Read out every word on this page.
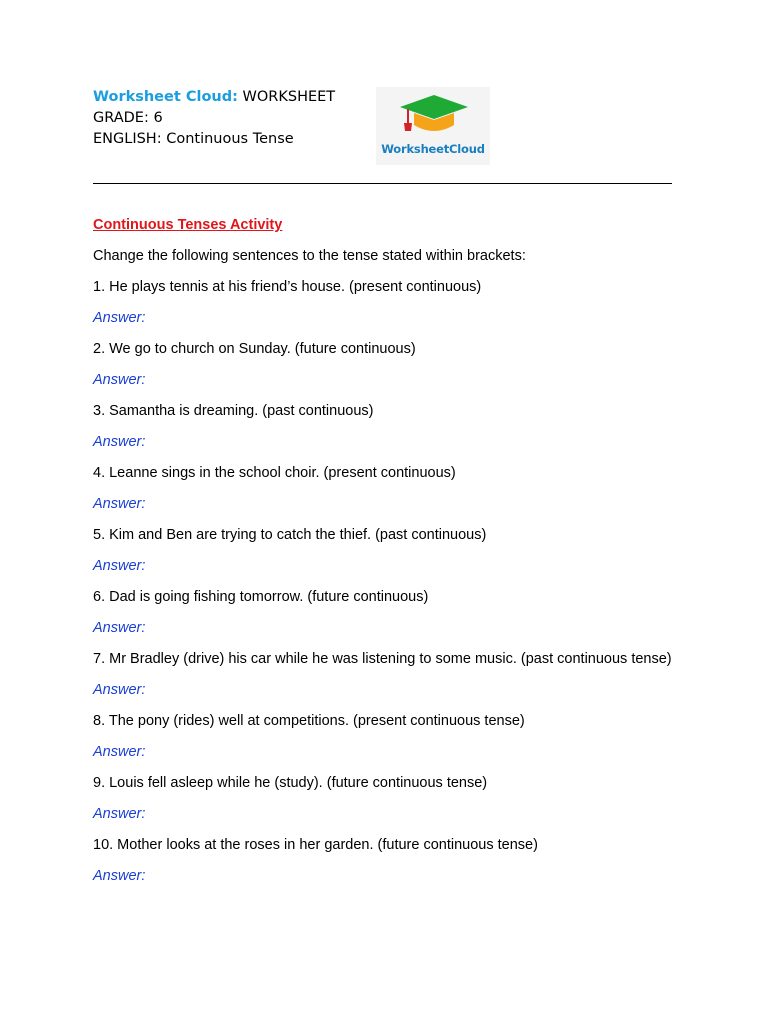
Worksheet Cloud: WORKSHEET
GRADE: 6
ENGLISH: Continuous Tense
WorksheetCloud
Continuous Tenses Activity
Change the following sentences to the tense stated within brackets:
1. He plays tennis at his friend’s house. (present continuous)
Answer:
2. We go to church on Sunday. (future continuous)
Answer:
3. Samantha is dreaming. (past continuous)
Answer:
4. Leanne sings in the school choir. (present continuous)
Answer:
5. Kim and Ben are trying to catch the thief. (past continuous)
Answer:
6. Dad is going fishing tomorrow. (future continuous)
Answer:
7. Mr Bradley (drive) his car while he was listening to some music. (past continuous tense)
Answer:
8. The pony (rides) well at competitions. (present continuous tense)
Answer:
9. Louis fell asleep while he (study). (future continuous tense)
Answer:
10. Mother looks at the roses in her garden. (future continuous tense)
Answer:
